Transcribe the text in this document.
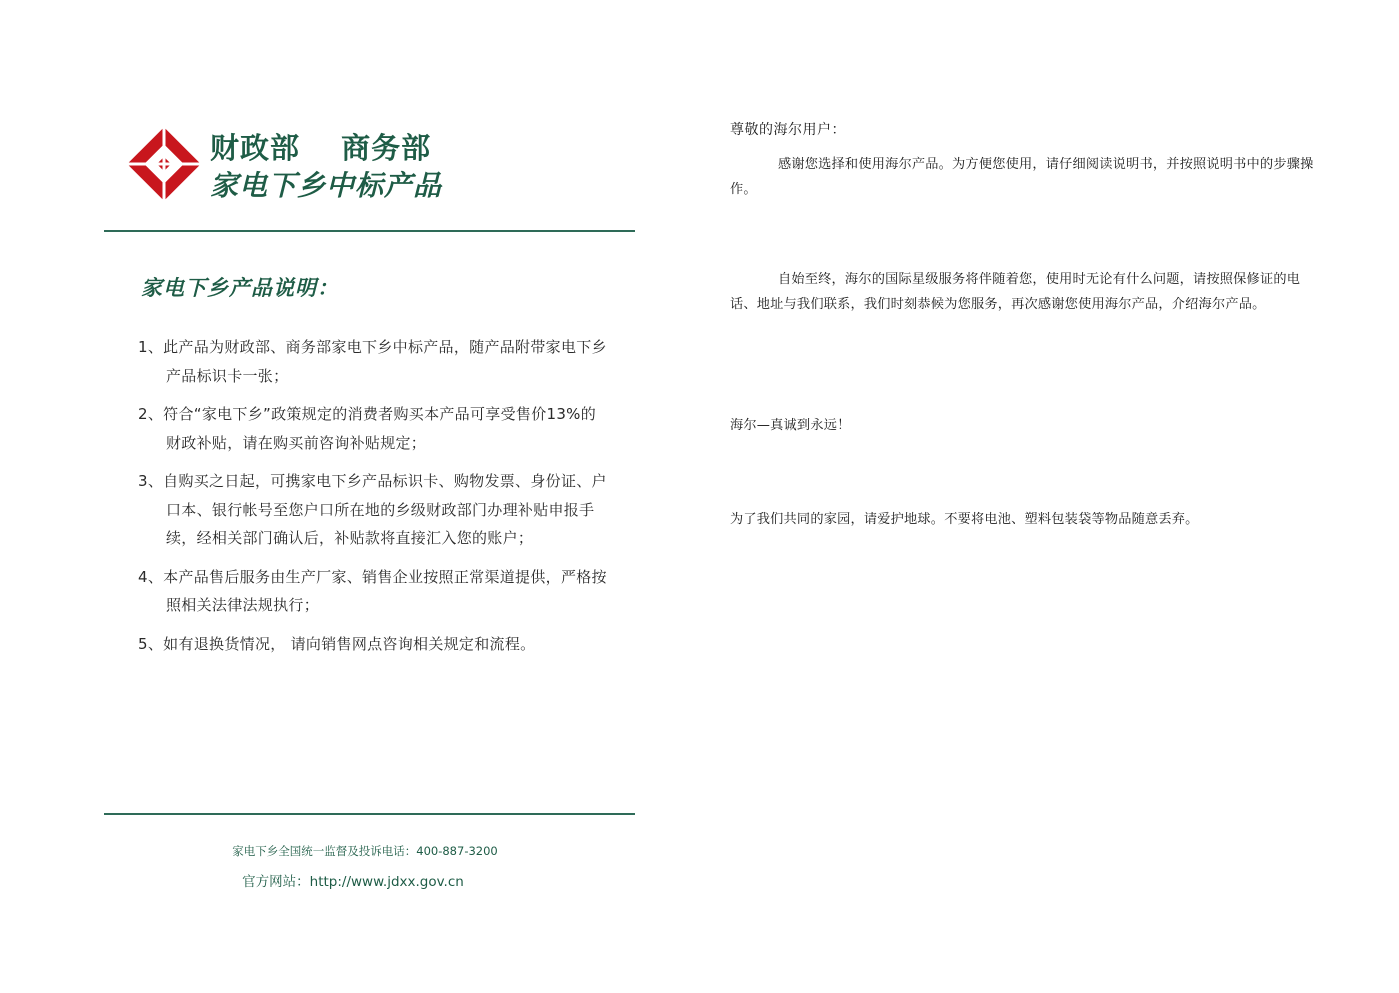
财政部　 商务部
家电下乡中标产品
家电下乡产品说明：
1、此产品为财政部、商务部家电下乡中标产品，随产品附带家电下乡产品标识卡一张；
2、符合“家电下乡”政策规定的消费者购买本产品可享受售价13%的财政补贴，请在购买前咨询补贴规定；
3、自购买之日起，可携家电下乡产品标识卡、购物发票、身份证、户口本、银行帐号至您户口所在地的乡级财政部门办理补贴申报手续，经相关部门确认后，补贴款将直接汇入您的账户；
4、本产品售后服务由生产厂家、销售企业按照正常渠道提供，严格按照相关法律法规执行；
5、如有退换货情况， 请向销售网点咨询相关规定和流程。
家电下乡全国统一监督及投诉电话：400-887-3200
官方网站：http://www.jdxx.gov.cn
尊敬的海尔用户：

感谢您选择和使用海尔产品。为方便您使用，请仔细阅读说明书，并按照说明书中的步骤操作。

自始至终，海尔的国际星级服务将伴随着您，使用时无论有什么问题，请按照保修证的电话、地址与我们联系，我们时刻恭候为您服务，再次感谢您使用海尔产品，介绍海尔产品。

海尔—真诚到永远！
为了我们共同的家园，请爱护地球。不要将电池、塑料包装袋等物品随意丢弃。
